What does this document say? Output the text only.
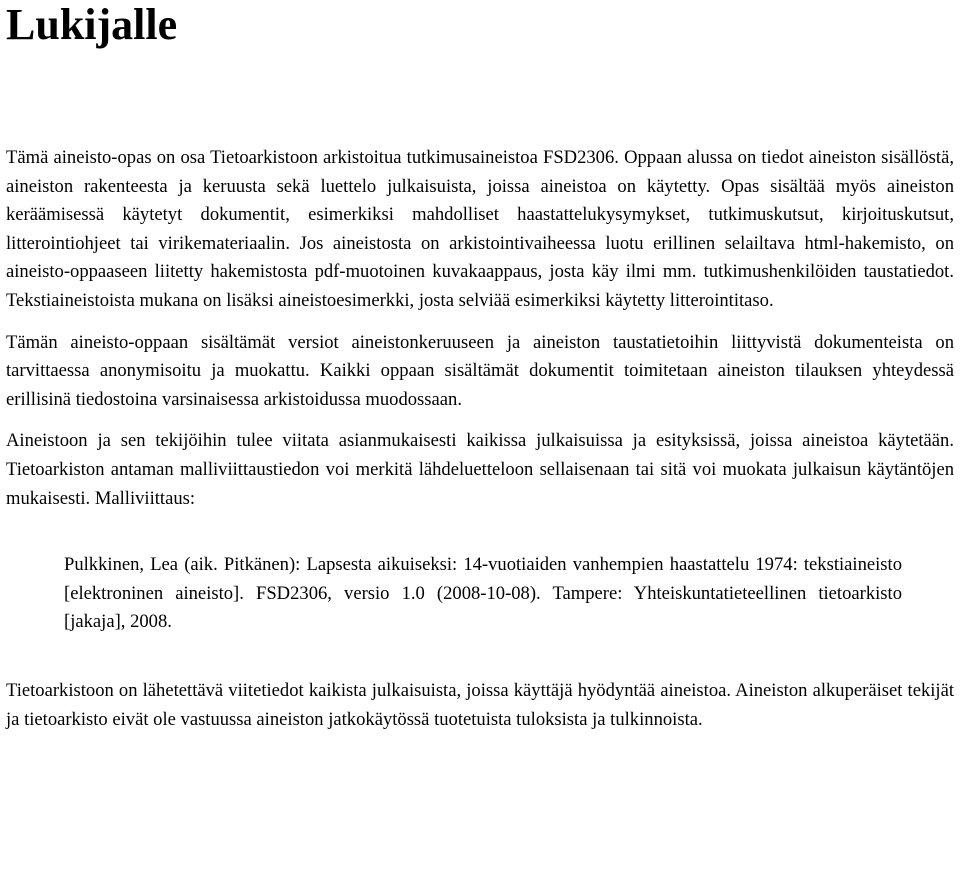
Lukijalle

Tämä aineisto-opas on osa Tietoarkistoon arkistoitua tutkimusaineistoa FSD2306. Oppaan alussa on tiedot aineiston sisällöstä, aineiston rakenteesta ja keruusta sekä luettelo julkaisuista, joissa aineistoa on käytetty. Opas sisältää myös aineiston keräämisessä käytetyt dokumentit, esimerkiksi mahdolliset haastattelukysymykset, tutkimuskutsut, kirjoituskutsut, litterointiohjeet tai virikemateriaalin. Jos aineistosta on arkistointivaiheessa luotu erillinen selailtava html-hakemisto, on aineisto-oppaaseen liitetty hakemistosta pdf-muotoinen kuvakaappaus, josta käy ilmi mm. tutkimushenkilöiden taustatiedot. Tekstiaineistoista mukana on lisäksi aineistoesimerkki, josta selviää esimerkiksi käytetty litterointitaso.

Tämän aineisto-oppaan sisältämät versiot aineistonkeruuseen ja aineiston taustatietoihin liittyvistä dokumenteista on tarvittaessa anonymisoitu ja muokattu. Kaikki oppaan sisältämät dokumentit toimitetaan aineiston tilauksen yhteydessä erillisinä tiedostoina varsinaisessa arkistoidussa muodossaan.

Aineistoon ja sen tekijöihin tulee viitata asianmukaisesti kaikissa julkaisuissa ja esityksissä, joissa aineistoa käytetään. Tietoarkiston antaman malliviittaustiedon voi merkitä lähdeluetteloon sellaisenaan tai sitä voi muokata julkaisun käytäntöjen mukaisesti. Malliviittaus:

Pulkkinen, Lea (aik. Pitkänen): Lapsesta aikuiseksi: 14-vuotiaiden vanhempien haastattelu 1974: tekstiaineisto [elektroninen aineisto]. FSD2306, versio 1.0 (2008-10-08). Tampere: Yhteiskuntatieteellinen tietoarkisto [jakaja], 2008.

Tietoarkistoon on lähetettävä viitetiedot kaikista julkaisuista, joissa käyttäjä hyödyntää aineistoa. Aineiston alkuperäiset tekijät ja tietoarkisto eivät ole vastuussa aineiston jatkokäytössä tuotetuista tuloksista ja tulkinnoista.
